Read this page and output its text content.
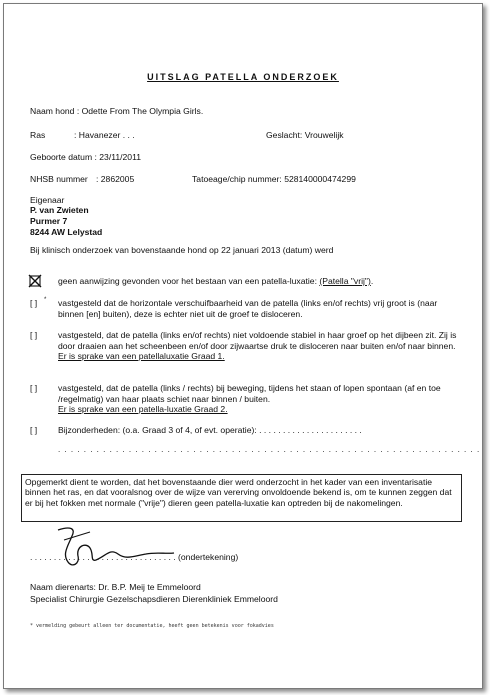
UITSLAG PATELLA ONDERZOEK
Naam hond : Odette From The Olympia Girls.
Ras	: Havanezer . . .	Geslacht: Vrouwelijk
Geboorte datum : 23/11/2011
NHSB nummer : 2862005	Tatoeage/chip nummer: 528140000474299
Eigenaar
P. van Zwieten
Purmer 7
8244 AW Lelystad
Bij klinisch onderzoek van bovenstaande hond op 22 januari 2013 (datum) werd
geen aanwijzing gevonden voor het bestaan van een patella-luxatie: (Patella "vrij").
[ ] * vastgesteld dat de horizontale verschuifbaarheid van de patella (links en/of rechts) vrij groot is (naar binnen [en] buiten), deze is echter niet uit de groef te disloceren.
[ ] vastgesteld, dat de patella (links en/of rechts) niet voldoende stabiel in haar groef op het dijbeen zit. Zij is door draaien aan het scheenbeen en/of door zijwaartse druk te disloceren naar buiten en/of naar binnen.
Er is sprake van een patellaluxatie Graad 1.
[ ] vastgesteld, dat de patella (links / rechts) bij beweging, tijdens het staan of lopen spontaan (af en toe /regelmatig) van haar plaats schiet naar binnen / buiten.
Er is sprake van een patella-luxatie Graad 2.
[ ] Bijzonderheden: (o.a. Graad 3 of 4, of evt. operatie): . . . . . . . . . . . . . . . . . . . . . .
. . . . . . . . . . . . . . . . . . . . . . . . . . . . . . . . . . . . . . . . . . . . . . . . . . . . . . . . . . . . . . . . . .
Opgemerkt dient te worden, dat het bovenstaande dier werd onderzocht in het kader van een inventarisatie binnen het ras, en dat vooralsnog over de wijze van vererving onvoldoende bekend is, om te kunnen zeggen dat er bij het fokken met normale ("vrije") dieren geen patella-luxatie kan optreden bij de nakomelingen.
. . . . . . . . . . . . . . . . . . . . . . . . . . . . . . . (ondertekening)
Naam dierenarts: Dr. B.P. Meij te Emmeloord
Specialist Chirurgie Gezelschapsdieren Dierenkliniek Emmeloord
* vermelding gebeurt alleen ter documentatie, heeft geen betekenis voor fokadvies
